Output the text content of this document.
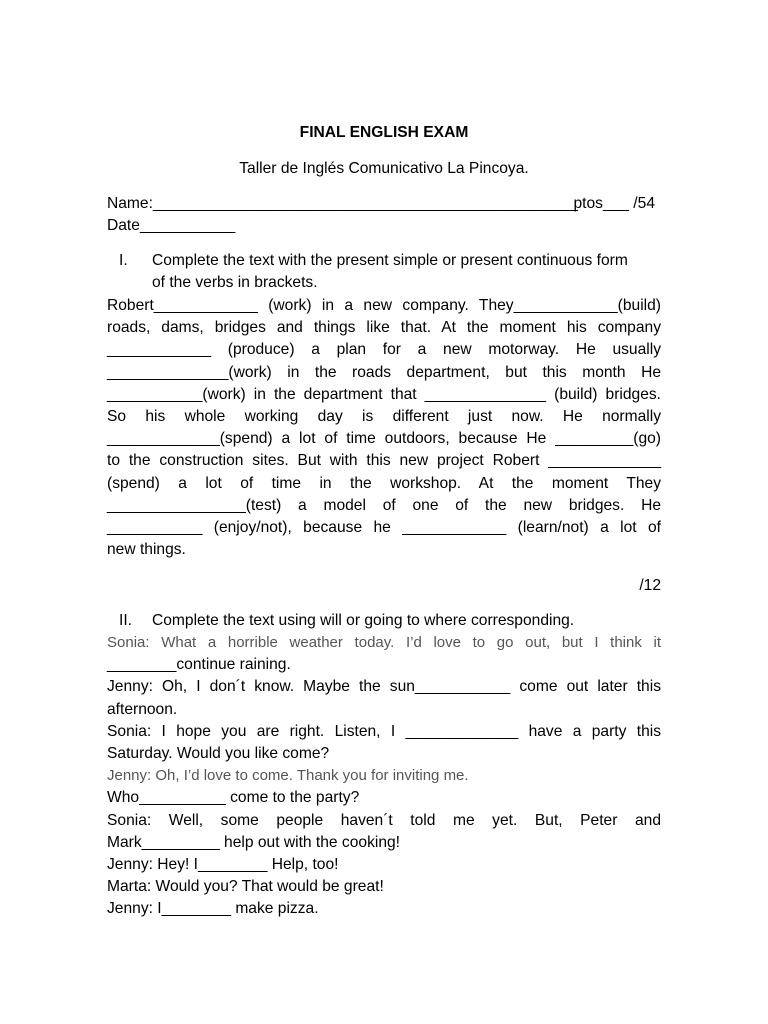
FINAL ENGLISH EXAM
Taller de Inglés Comunicativo La Pincoya.
Name:_________________________________________________
ptos___ /54
Date___________
I. Complete the text with the present simple or present continuous form
of the verbs in brackets.
Robert____________ (work) in a new company. They____________(build)
roads, dams, bridges and things like that. At the moment his company
____________ (produce) a plan for a new motorway. He usually
______________(work) in the roads department, but this month He
___________(work) in the department that ______________ (build) bridges.
So his whole working day is different just now. He normally
_____________(spend) a lot of time outdoors, because He _________(go)
to the construction sites. But with this new project Robert _____________
(spend) a lot of time in the workshop. At the moment They
________________(test) a model of one of the new bridges. He
___________ (enjoy/not), because he ____________ (learn/not) a lot of
new things.
/12
II. Complete the text using will or going to where corresponding.
Sonia: What a horrible weather today. I’d love to go out, but I think it
________continue raining.
Jenny: Oh, I don´t know. Maybe the sun___________ come out later this
afternoon.
Sonia: I hope you are right. Listen, I _____________ have a party this
Saturday. Would you like come?
Jenny: Oh, I’d love to come. Thank you for inviting me.
Who__________ come to the party?
Sonia: Well, some people haven´t told me yet. But, Peter and
Mark_________ help out with the cooking!
Jenny: Hey! I________ Help, too!
Marta: Would you? That would be great!
Jenny: I________ make pizza.
